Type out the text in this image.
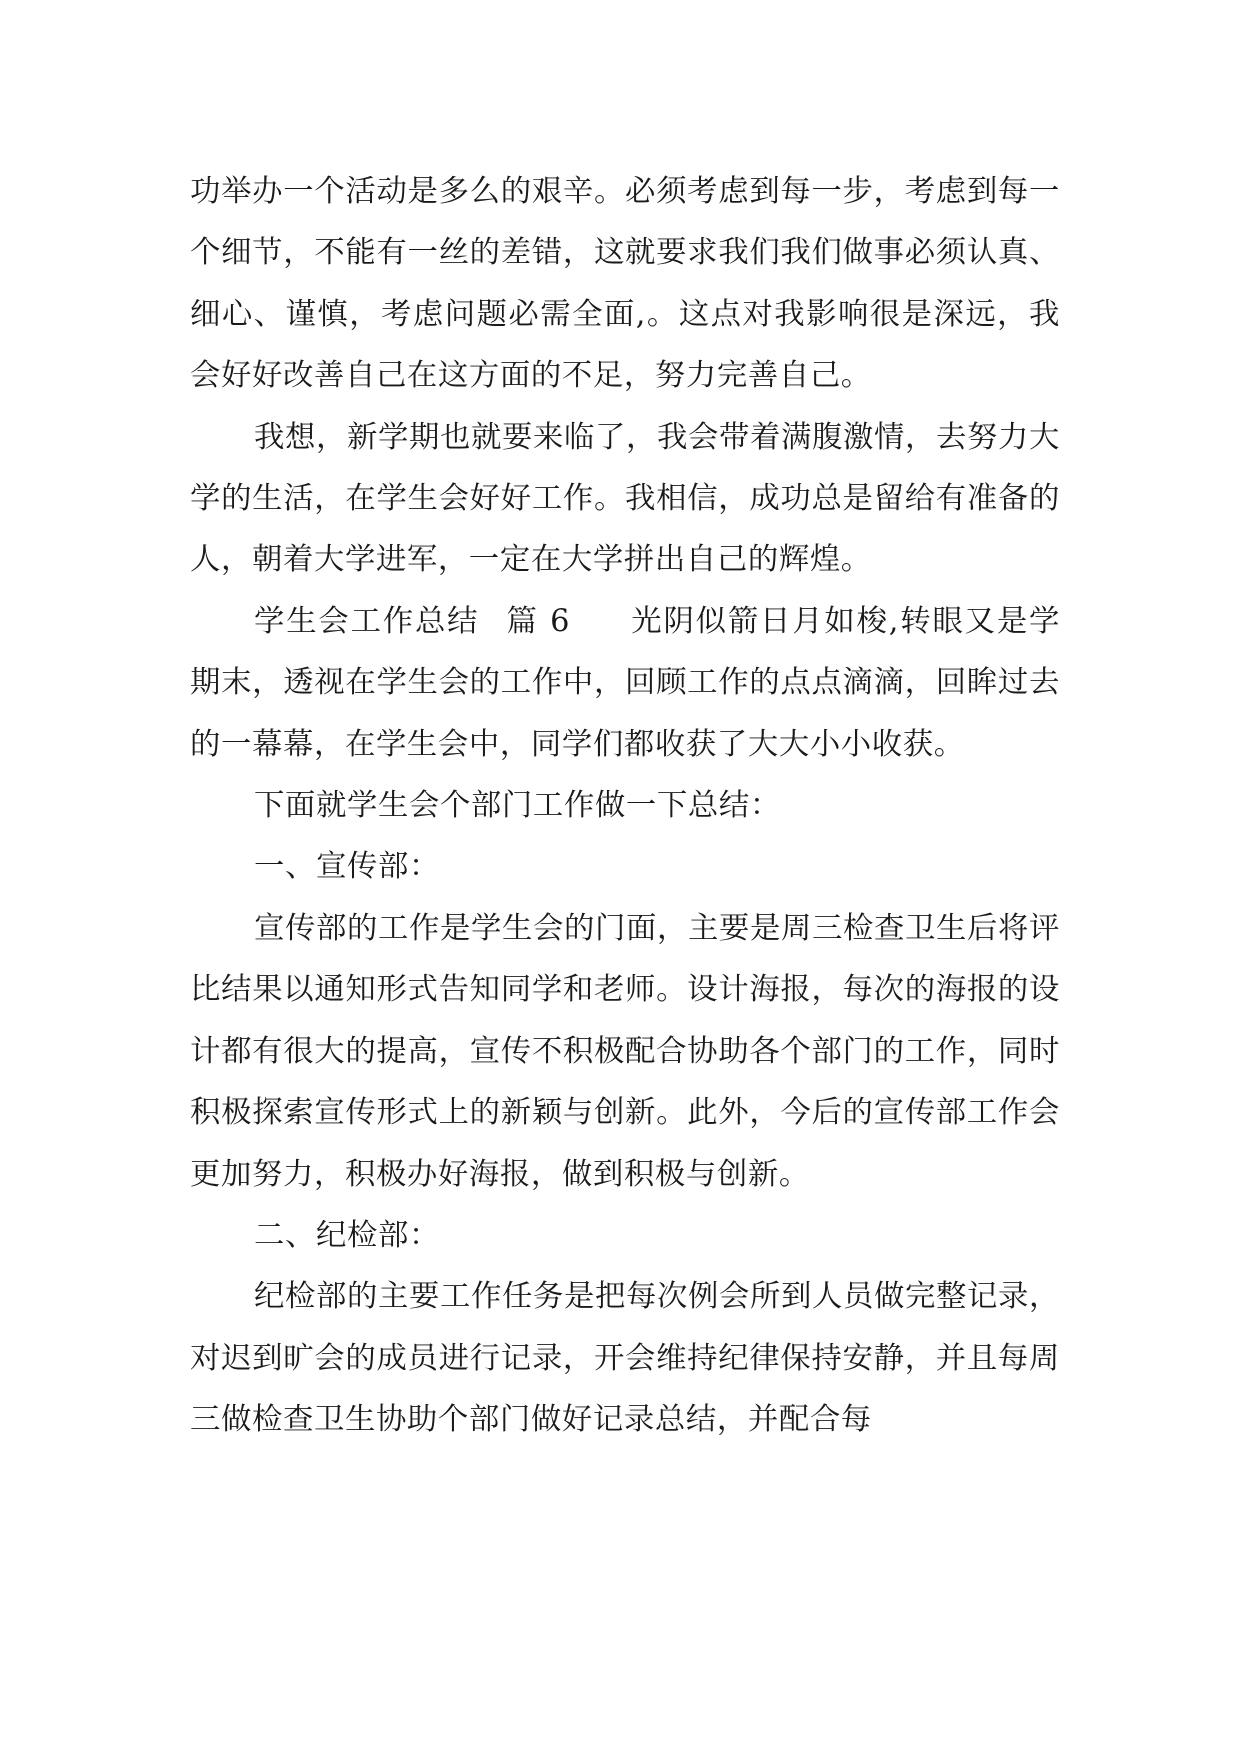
功举办一个活动是多么的艰辛。必须考虑到每一步，考虑到每一个细节，不能有一丝的差错，这就要求我们我们做事必须认真、细心、谨慎，考虑问题必需全面,。这点对我影响很是深远，我会好好改善自己在这方面的不足，努力完善自己。

我想，新学期也就要来临了，我会带着满腹激情，去努力大学的生活，在学生会好好工作。我相信，成功总是留给有准备的人，朝着大学进军，一定在大学拼出自己的辉煌。

学生会工作总结 篇 6 光阴似箭日月如梭,转眼又是学期末，透视在学生会的工作中，回顾工作的点点滴滴，回眸过去的一幕幕，在学生会中，同学们都收获了大大小小收获。

下面就学生会个部门工作做一下总结：

一、宣传部：

宣传部的工作是学生会的门面，主要是周三检查卫生后将评比结果以通知形式告知同学和老师。设计海报，每次的海报的设计都有很大的提高，宣传不积极配合协助各个部门的工作，同时积极探索宣传形式上的新颖与创新。此外，今后的宣传部工作会更加努力，积极办好海报，做到积极与创新。

二、纪检部：

纪检部的主要工作任务是把每次例会所到人员做完整记录，对迟到旷会的成员进行记录，开会维持纪律保持安静，并且每周三做检查卫生协助个部门做好记录总结，并配合每
